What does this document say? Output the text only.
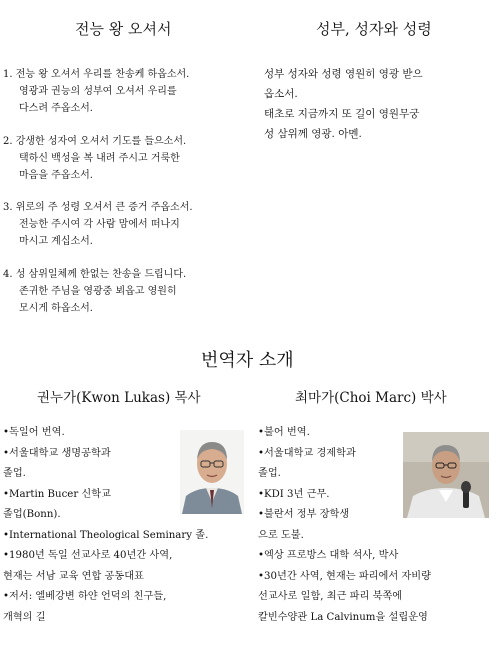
전능 왕 오셔서
1. 전능 왕 오셔서 우리를 찬송케 하옵소서.
영광과 권능의 성부여 오셔서 우리를
다스려 주옵소서.
2. 강생한 성자여 오셔서 기도를 들으소서.
택하신 백성을 복 내려 주시고 거룩한
마음을 주옵소서.
3. 위로의 주 성령 오셔서 큰 증거 주옵소서.
전능한 주시여 각 사람 맘에서 떠나지
마시고 계십소서.
4. 성 삼위일체께 한없는 찬송을 드립니다.
존귀한 주님을 영광중 뵈옵고 영원히
모시게 하옵소서.
성부, 성자와 성령
성부 성자와 성령 영원히 영광 받으
옵소서.
태초로 지금까지 또 길이 영원무궁
성 삼위께 영광. 아멘.
번역자 소개
권누가(Kwon Lukas) 목사	최마가(Choi Marc) 박사
•독일어 번역.
•서울대학교 생명공학과
졸업.
•Martin Bucer 신학교
졸업(Bonn).
•International Theological Seminary 졸.
•1980년 독일 선교사로 40년간 사역,
현재는 서남 교육 연합 공동대표
•저서: 엘베강변 하얀 언덕의 친구들,
개혁의 길
•불어 번역.
•서울대학교 경제학과
졸업.
•KDI 3년 근무.
•불란서 정부 장학생
으로 도불.
•엑상 프로방스 대학 석사, 박사
•30년간 사역, 현재는 파리에서 자비량
선교사로 일함, 최근 파리 북쪽에
칼빈수양관 La Calvinum을 설립운영
